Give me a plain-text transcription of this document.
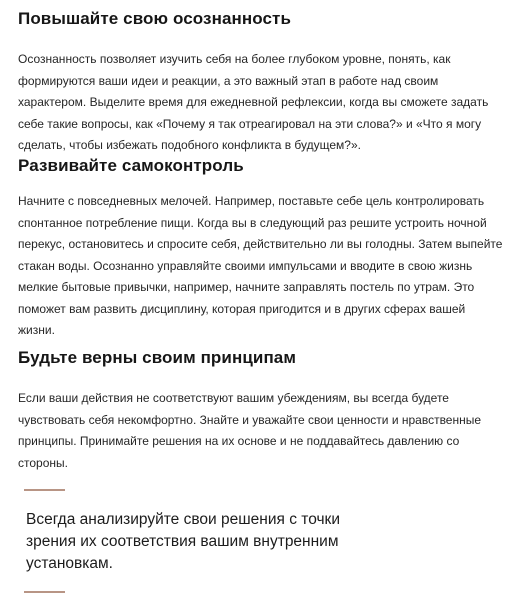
Повышайте свою осознанность

Осознанность позволяет изучить себя на более глубоком уровне, понять, как
формируются ваши идеи и реакции, а это важный этап в работе над своим
характером. Выделите время для ежедневной рефлексии, когда вы сможете задать
себе такие вопросы, как «Почему я так отреагировал на эти слова?» и «Что я могу
сделать, чтобы избежать подобного конфликта в будущем?».

Развивайте самоконтроль

Начните с повседневных мелочей. Например, поставьте себе цель контролировать
спонтанное потребление пищи. Когда вы в следующий раз решите устроить ночной
перекус, остановитесь и спросите себя, действительно ли вы голодны. Затем выпейте
стакан воды. Осознанно управляйте своими импульсами и вводите в свою жизнь
мелкие бытовые привычки, например, начните заправлять постель по утрам. Это
поможет вам развить дисциплину, которая пригодится и в других сферах вашей
жизни.

Будьте верны своим принципам

Если ваши действия не соответствуют вашим убеждениям, вы всегда будете
чувствовать себя некомфортно. Знайте и уважайте свои ценности и нравственные
принципы. Принимайте решения на их основе и не поддавайтесь давлению со
стороны.

Всегда анализируйте свои решения с точки
зрения их соответствия вашим внутренним
установкам.
